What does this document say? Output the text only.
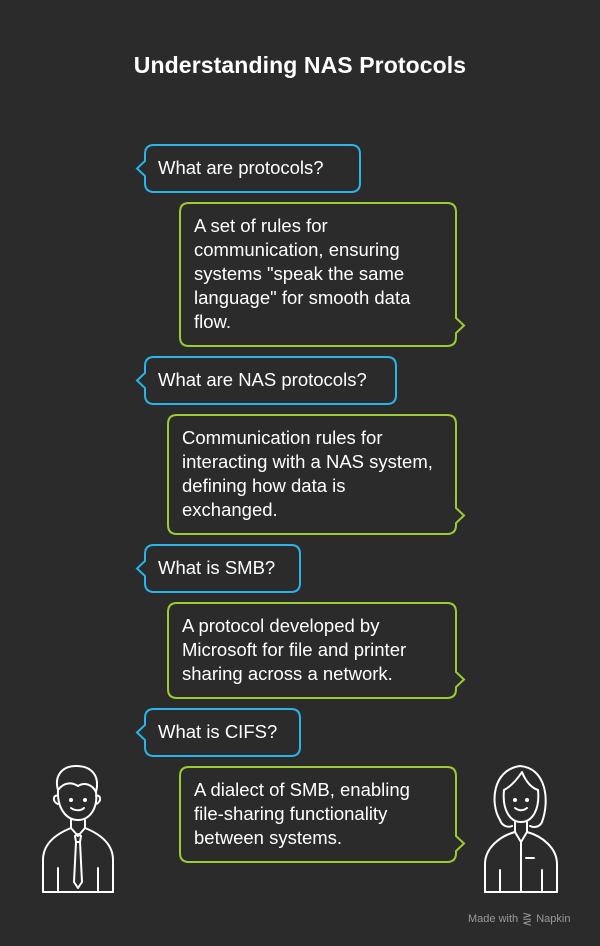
Understanding NAS Protocols
What are protocols?
A set of rules for communication, ensuring systems "speak the same language" for smooth data flow.
What are NAS protocols?
Communication rules for interacting with a NAS system, defining how data is exchanged.
What is SMB?
A protocol developed by Microsoft for file and printer sharing across a network.
What is CIFS?
A dialect of SMB, enabling file-sharing functionality between systems.
Made with ⋛ Napkin
